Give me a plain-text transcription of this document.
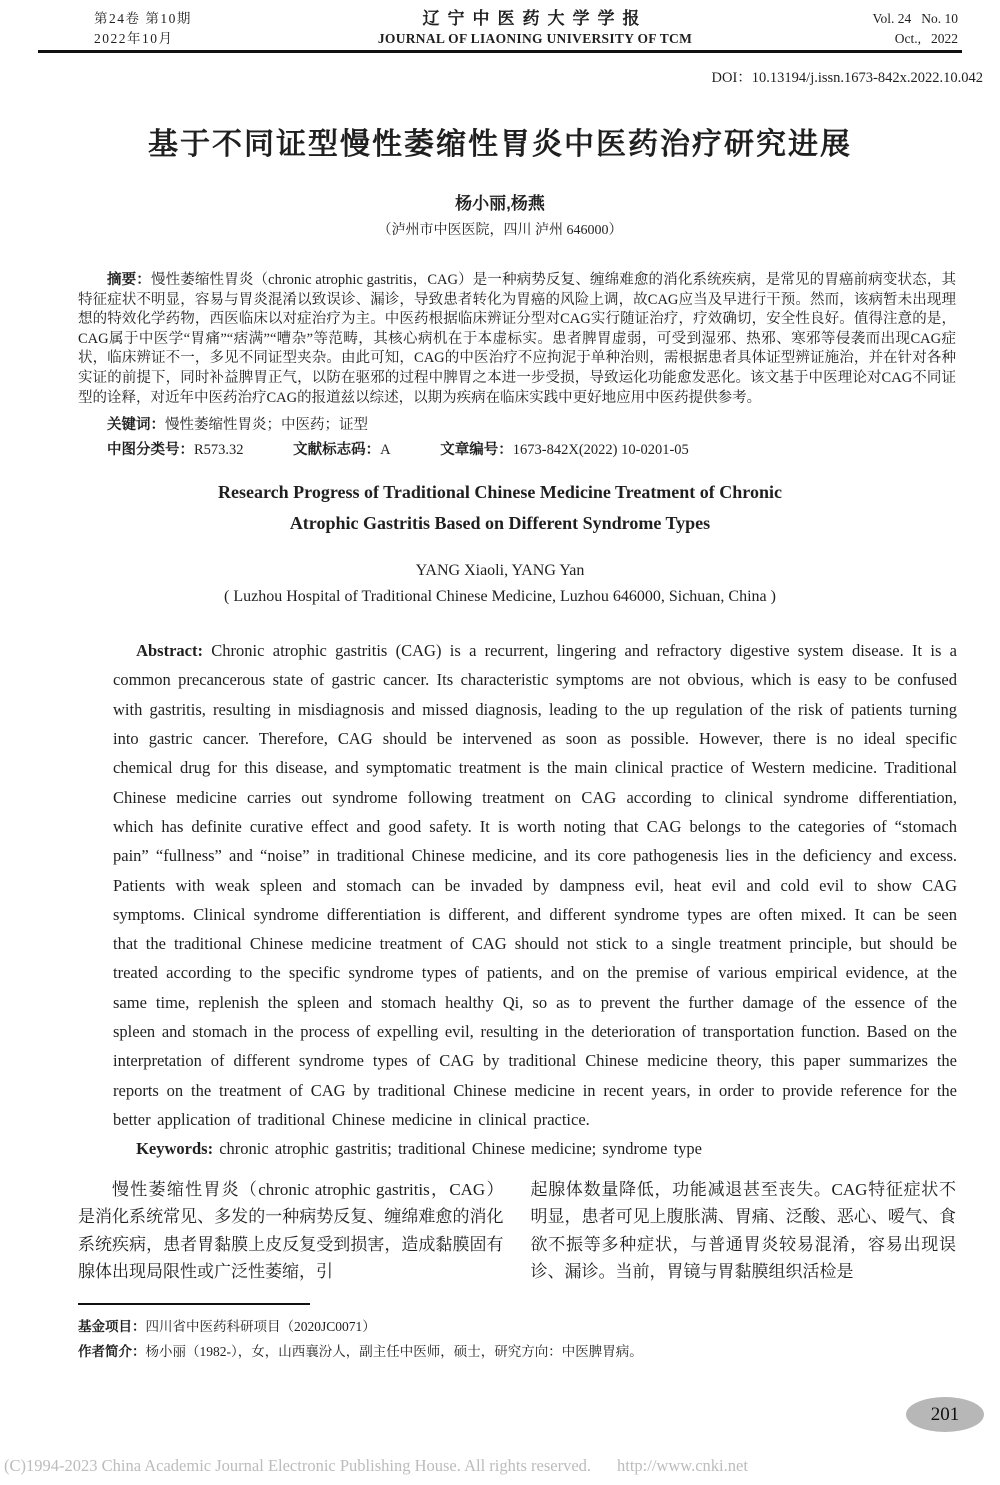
第24卷 第10期
2022年10月
辽宁中医药大学学报
JOURNAL OF LIAONING UNIVERSITY OF TCM
Vol. 24 No. 10
Oct., 2022
DOI：10.13194/j.issn.1673-842x.2022.10.042
基于不同证型慢性萎缩性胃炎中医药治疗研究进展
杨小丽,杨燕
（泸州市中医医院，四川 泸州 646000）

摘要：慢性萎缩性胃炎（chronic atrophic gastritis，CAG）是一种病势反复、缠绵难愈的消化系统疾病，是常见的胃癌前病变状态，其特征症状不明显，容易与胃炎混淆以致误诊、漏诊，导致患者转化为胃癌的风险上调，故CAG应当及早进行干预。然而，该病暂未出现理想的特效化学药物，西医临床以对症治疗为主。中医药根据临床辨证分型对CAG实行随证治疗，疗效确切，安全性良好。值得注意的是，CAG属于中医学“胃痛”“痞满”“嘈杂”等范畴，其核心病机在于本虚标实。患者脾胃虚弱，可受到湿邪、热邪、寒邪等侵袭而出现CAG症状，临床辨证不一，多见不同证型夹杂。由此可知，CAG的中医治疗不应拘泥于单种治则，需根据患者具体证型辨证施治，并在针对各种实证的前提下，同时补益脾胃正气，以防在驱邪的过程中脾胃之本进一步受损，导致运化功能愈发恶化。该文基于中医理论对CAG不同证型的诠释，对近年中医药治疗CAG的报道兹以综述，以期为疾病在临床实践中更好地应用中医药提供参考。

关键词：慢性萎缩性胃炎；中医药；证型
中图分类号：R573.32	文献标志码：A	文章编号：1673-842X(2022) 10-0201-05
Research Progress of Traditional Chinese Medicine Treatment of Chronic
Atrophic Gastritis Based on Different Syndrome Types
YANG Xiaoli, YANG Yan
( Luzhou Hospital of Traditional Chinese Medicine, Luzhou 646000, Sichuan, China )

Abstract: Chronic atrophic gastritis (CAG) is a recurrent, lingering and refractory digestive system disease. It is a common precancerous state of gastric cancer. Its characteristic symptoms are not obvious, which is easy to be confused with gastritis, resulting in misdiagnosis and missed diagnosis, leading to the up regulation of the risk of patients turning into gastric cancer. Therefore, CAG should be intervened as soon as possible. However, there is no ideal specific chemical drug for this disease, and symptomatic treatment is the main clinical practice of Western medicine. Traditional Chinese medicine carries out syndrome following treatment on CAG according to clinical syndrome differentiation, which has definite curative effect and good safety. It is worth noting that CAG belongs to the categories of “stomach pain” “fullness” and “noise” in traditional Chinese medicine, and its core pathogenesis lies in the deficiency and excess. Patients with weak spleen and stomach can be invaded by dampness evil, heat evil and cold evil to show CAG symptoms. Clinical syndrome differentiation is different, and different syndrome types are often mixed. It can be seen that the traditional Chinese medicine treatment of CAG should not stick to a single treatment principle, but should be treated according to the specific syndrome types of patients, and on the premise of various empirical evidence, at the same time, replenish the spleen and stomach healthy Qi, so as to prevent the further damage of the essence of the spleen and stomach in the process of expelling evil, resulting in the deterioration of transportation function. Based on the interpretation of different syndrome types of CAG by traditional Chinese medicine theory, this paper summarizes the reports on the treatment of CAG by traditional Chinese medicine in recent years, in order to provide reference for the better application of traditional Chinese medicine in clinical practice.

Keywords: chronic atrophic gastritis; traditional Chinese medicine; syndrome type

慢性萎缩性胃炎（chronic atrophic gastritis，CAG）是消化系统常见、多发的一种病势反复、缠绵难愈的消化系统疾病，患者胃黏膜上皮反复受到损害，造成黏膜固有腺体出现局限性或广泛性萎缩，引

起腺体数量降低，功能减退甚至丧失。CAG特征症状不明显，患者可见上腹胀满、胃痛、泛酸、恶心、嗳气、食欲不振等多种症状，与普通胃炎较易混淆，容易出现误诊、漏诊。当前，胃镜与胃黏膜组织活检是

基金项目：四川省中医药科研项目（2020JC0071）
作者简介：杨小丽（1982-），女，山西襄汾人，副主任中医师，硕士，研究方向：中医脾胃病。
201
(C)1994-2023 China Academic Journal Electronic Publishing House. All rights reserved. http://www.cnki.net
